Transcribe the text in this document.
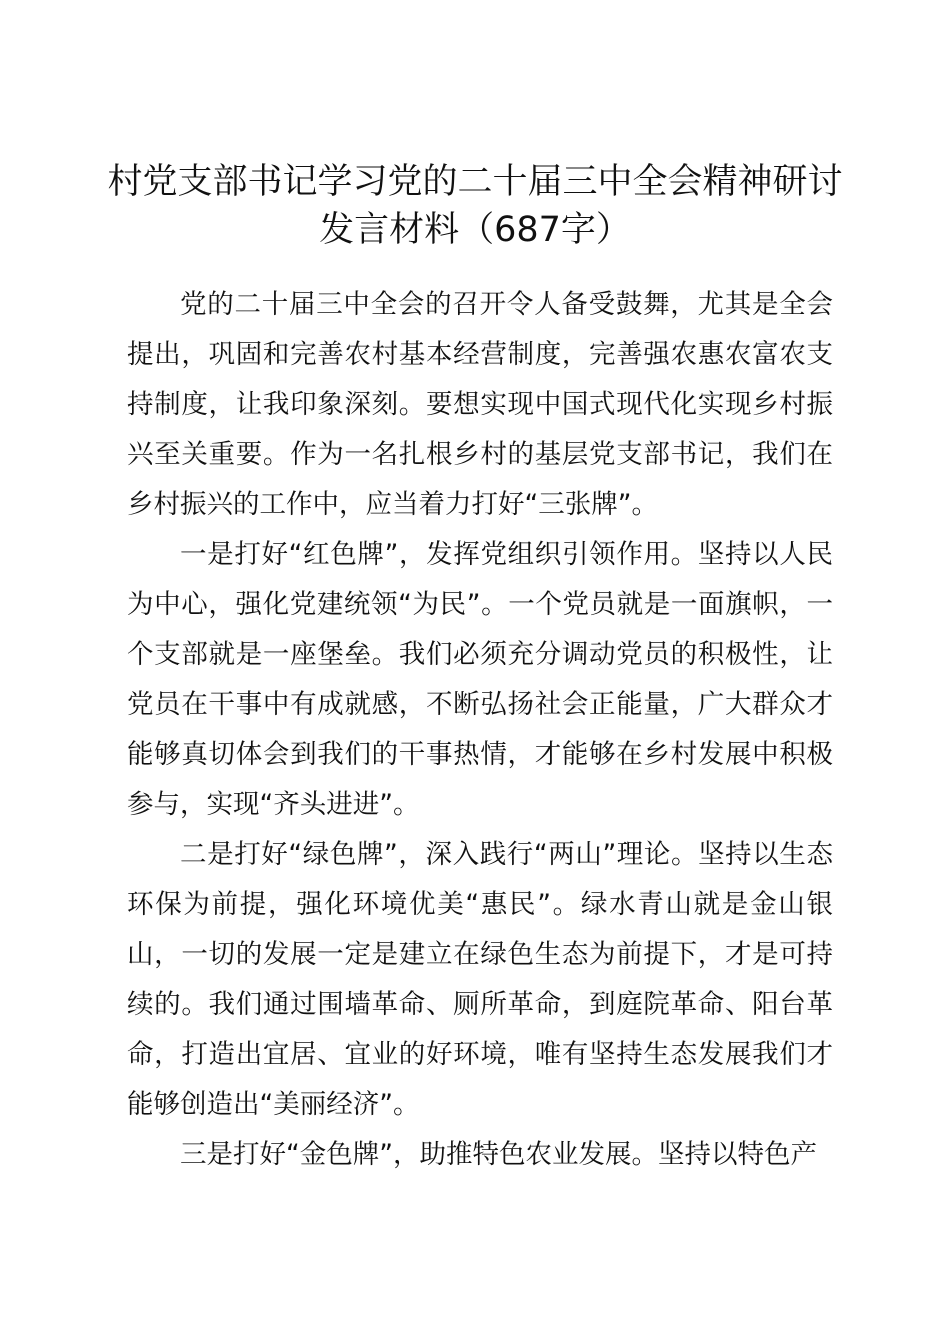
村党支部书记学习党的二十届三中全会精神研讨发言材料（687字）

党的二十届三中全会的召开令人备受鼓舞，尤其是全会提出，巩固和完善农村基本经营制度，完善强农惠农富农支持制度，让我印象深刻。要想实现中国式现代化实现乡村振兴至关重要。作为一名扎根乡村的基层党支部书记，我们在乡村振兴的工作中，应当着力打好“三张牌”。

一是打好“红色牌”，发挥党组织引领作用。坚持以人民为中心，强化党建统领“为民”。一个党员就是一面旗帜，一个支部就是一座堡垒。我们必须充分调动党员的积极性，让党员在干事中有成就感，不断弘扬社会正能量，广大群众才能够真切体会到我们的干事热情，才能够在乡村发展中积极参与，实现“齐头进进”。

二是打好“绿色牌”，深入践行“两山”理论。坚持以生态环保为前提，强化环境优美“惠民”。绿水青山就是金山银山，一切的发展一定是建立在绿色生态为前提下，才是可持续的。我们通过围墙革命、厕所革命，到庭院革命、阳台革命，打造出宜居、宜业的好环境，唯有坚持生态发展我们才能够创造出“美丽经济”。

三是打好“金色牌”，助推特色农业发展。坚持以特色产
